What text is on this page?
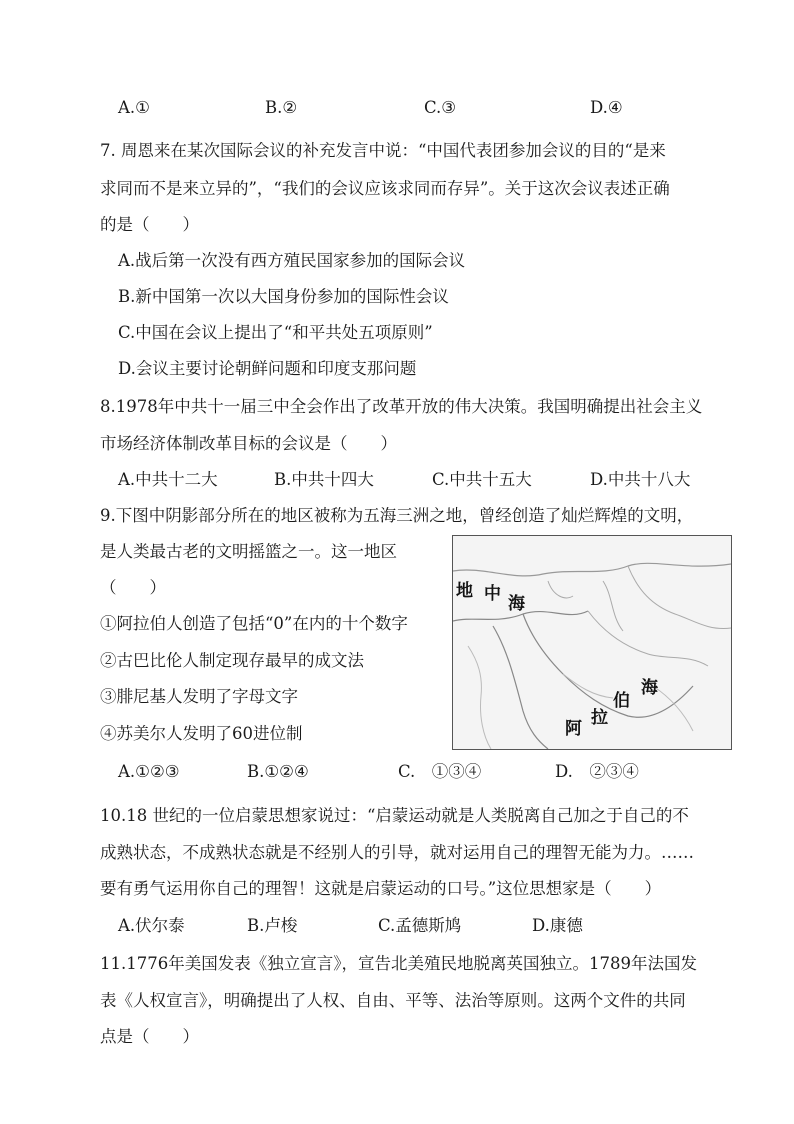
A.①	B.②	C.③	D.④
7. 周恩来在某次国际会议的补充发言中说：“中国代表团参加会议的目的“是来
求同而不是来立异的”，“我们的会议应该求同而存异”。关于这次会议表述正确
的是（　　）
A.战后第一次没有西方殖民国家参加的国际会议
B.新中国第一次以大国身份参加的国际性会议
C.中国在会议上提出了“和平共处五项原则”
D.会议主要讨论朝鲜问题和印度支那问题
8.1978年中共十一届三中全会作出了改革开放的伟大决策。我国明确提出社会主义
市场经济体制改革目标的会议是（　　）
A.中共十二大	B.中共十四大	C.中共十五大	D.中共十八大
9.下图中阴影部分所在的地区被称为五海三洲之地，曾经创造了灿烂辉煌的文明，
是人类最古老的文明摇篮之一。这一地区
（　　）
①阿拉伯人创造了包括“0”在内的十个数字
②古巴比伦人制定现存最早的成文法
③腓尼基人发明了字母文字
④苏美尔人发明了60进位制
地 中 海
海
伯
拉
阿
A.①②③	B.①②④	C.　①③④	D.　②③④
10.18 世纪的一位启蒙思想家说过：“启蒙运动就是人类脱离自己加之于自己的不
成熟状态，不成熟状态就是不经别人的引导，就对运用自己的理智无能为力。……
要有勇气运用你自己的理智！这就是启蒙运动的口号。”这位思想家是（　　）
A.伏尔泰	B.卢梭	C.孟德斯鸠	D.康德
11.1776年美国发表《独立宣言》，宣告北美殖民地脱离英国独立。1789年法国发
表《人权宣言》，明确提出了人权、自由、平等、法治等原则。这两个文件的共同
点是（　　）
